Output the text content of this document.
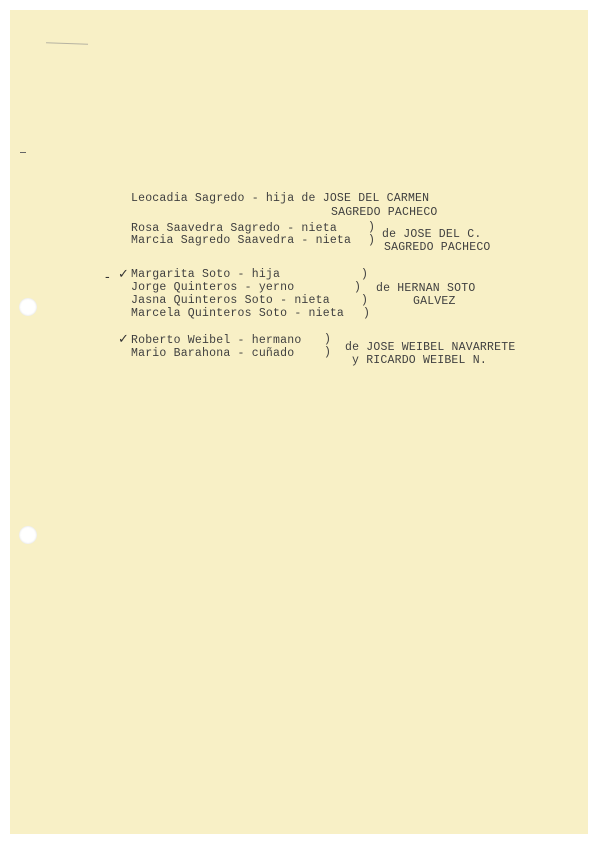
Leocadia Sagredo - hija de JOSE DEL CARMEN
SAGREDO PACHECO
Rosa Saavedra Sagredo - nieta
Marcia Sagredo Saavedra - nieta
)
) de JOSE DEL C.
SAGREDO PACHECO
- ✓ Margarita Soto - hija
Jorge Quinteros - yerno
Jasna Quinteros Soto - nieta
Marcela Quinteros Soto - nieta
)
)
)
)
de HERNAN SOTO
GALVEZ
✓ Roberto Weibel - hermano
Mario Barahona - cuñado
)
) de JOSE WEIBEL NAVARRETE
y RICARDO WEIBEL N.
